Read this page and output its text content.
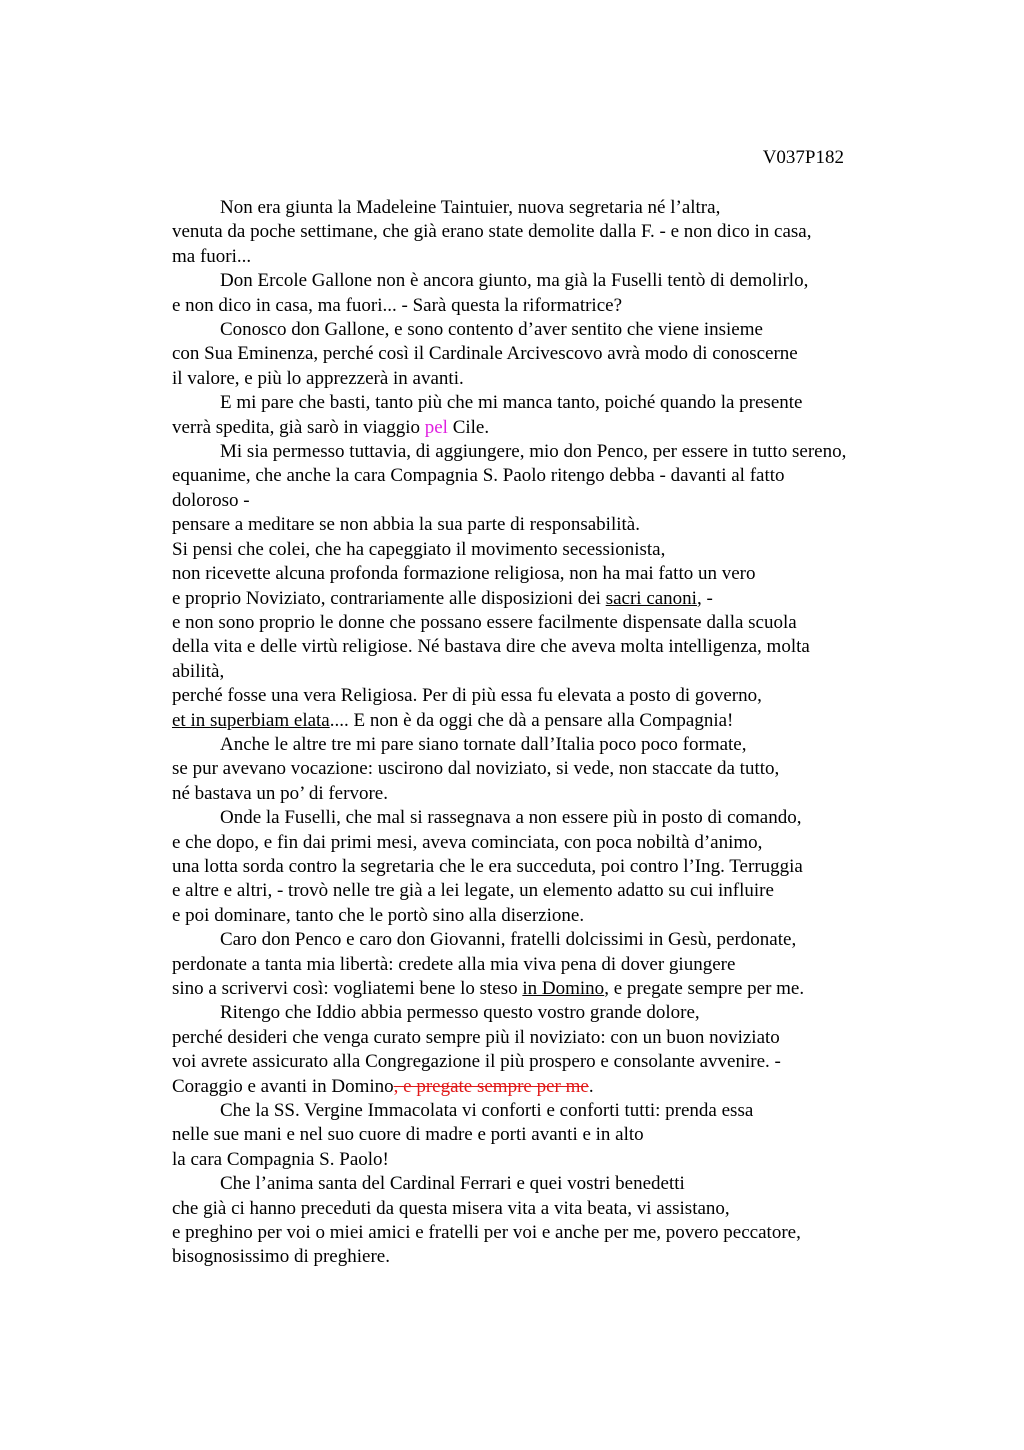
V037P182
Non era giunta la Madeleine Taintuier, nuova segretaria né l’altra,
venuta da poche settimane, che già erano state demolite dalla F. - e non dico in casa,
ma fuori...
Don Ercole Gallone non è ancora giunto, ma già la Fuselli tentò di demolirlo,
e non dico in casa, ma fuori... - Sarà questa la riformatrice?
Conosco don Gallone, e sono contento d’aver sentito che viene insieme
con Sua Eminenza, perché così il Cardinale Arcivescovo avrà modo di conoscerne
il valore, e più lo apprezzerà in avanti.
E mi pare che basti, tanto più che mi manca tanto, poiché quando la presente
verrà spedita, già sarò in viaggio pel Cile.
Mi sia permesso tuttavia, di aggiungere, mio don Penco, per essere in tutto sereno,
equanime, che anche la cara Compagnia S. Paolo ritengo debba - davanti al fatto
doloroso -
pensare a meditare se non abbia la sua parte di responsabilità.
Si pensi che colei, che ha capeggiato il movimento secessionista,
non ricevette alcuna profonda formazione religiosa, non ha mai fatto un vero
e proprio Noviziato, contrariamente alle disposizioni dei sacri canoni, -
e non sono proprio le donne che possano essere facilmente dispensate dalla scuola
della vita e delle virtù religiose. Né bastava dire che aveva molta intelligenza, molta
abilità,
perché fosse una vera Religiosa. Per di più essa fu elevata a posto di governo,
et in superbiam elata.... E non è da oggi che dà a pensare alla Compagnia!
Anche le altre tre mi pare siano tornate dall’Italia poco poco formate,
se pur avevano vocazione: uscirono dal noviziato, si vede, non staccate da tutto,
né bastava un po’ di fervore.
Onde la Fuselli, che mal si rassegnava a non essere più in posto di comando,
e che dopo, e fin dai primi mesi, aveva cominciata, con poca nobiltà d’animo,
una lotta sorda contro la segretaria che le era succeduta, poi contro l’Ing. Terruggia
e altre e altri, - trovò nelle tre già a lei legate, un elemento adatto su cui influire
e poi dominare, tanto che le portò sino alla diserzione.
Caro don Penco e caro don Giovanni, fratelli dolcissimi in Gesù, perdonate,
perdonate a tanta mia libertà: credete alla mia viva pena di dover giungere
sino a scrivervi così: vogliatemi bene lo steso in Domino, e pregate sempre per me.
Ritengo che Iddio abbia permesso questo vostro grande dolore,
perché desideri che venga curato sempre più il noviziato: con un buon noviziato
voi avrete assicurato alla Congregazione il più prospero e consolante avvenire. -
Coraggio e avanti in Domino, e pregate sempre per me.
Che la SS. Vergine Immacolata vi conforti e conforti tutti: prenda essa
nelle sue mani e nel suo cuore di madre e porti avanti e in alto
la cara Compagnia S. Paolo!
Che l’anima santa del Cardinal Ferrari e quei vostri benedetti
che già ci hanno preceduti da questa misera vita a vita beata, vi assistano,
e preghino per voi o miei amici e fratelli per voi e anche per me, povero peccatore,
bisognosissimo di preghiere.
